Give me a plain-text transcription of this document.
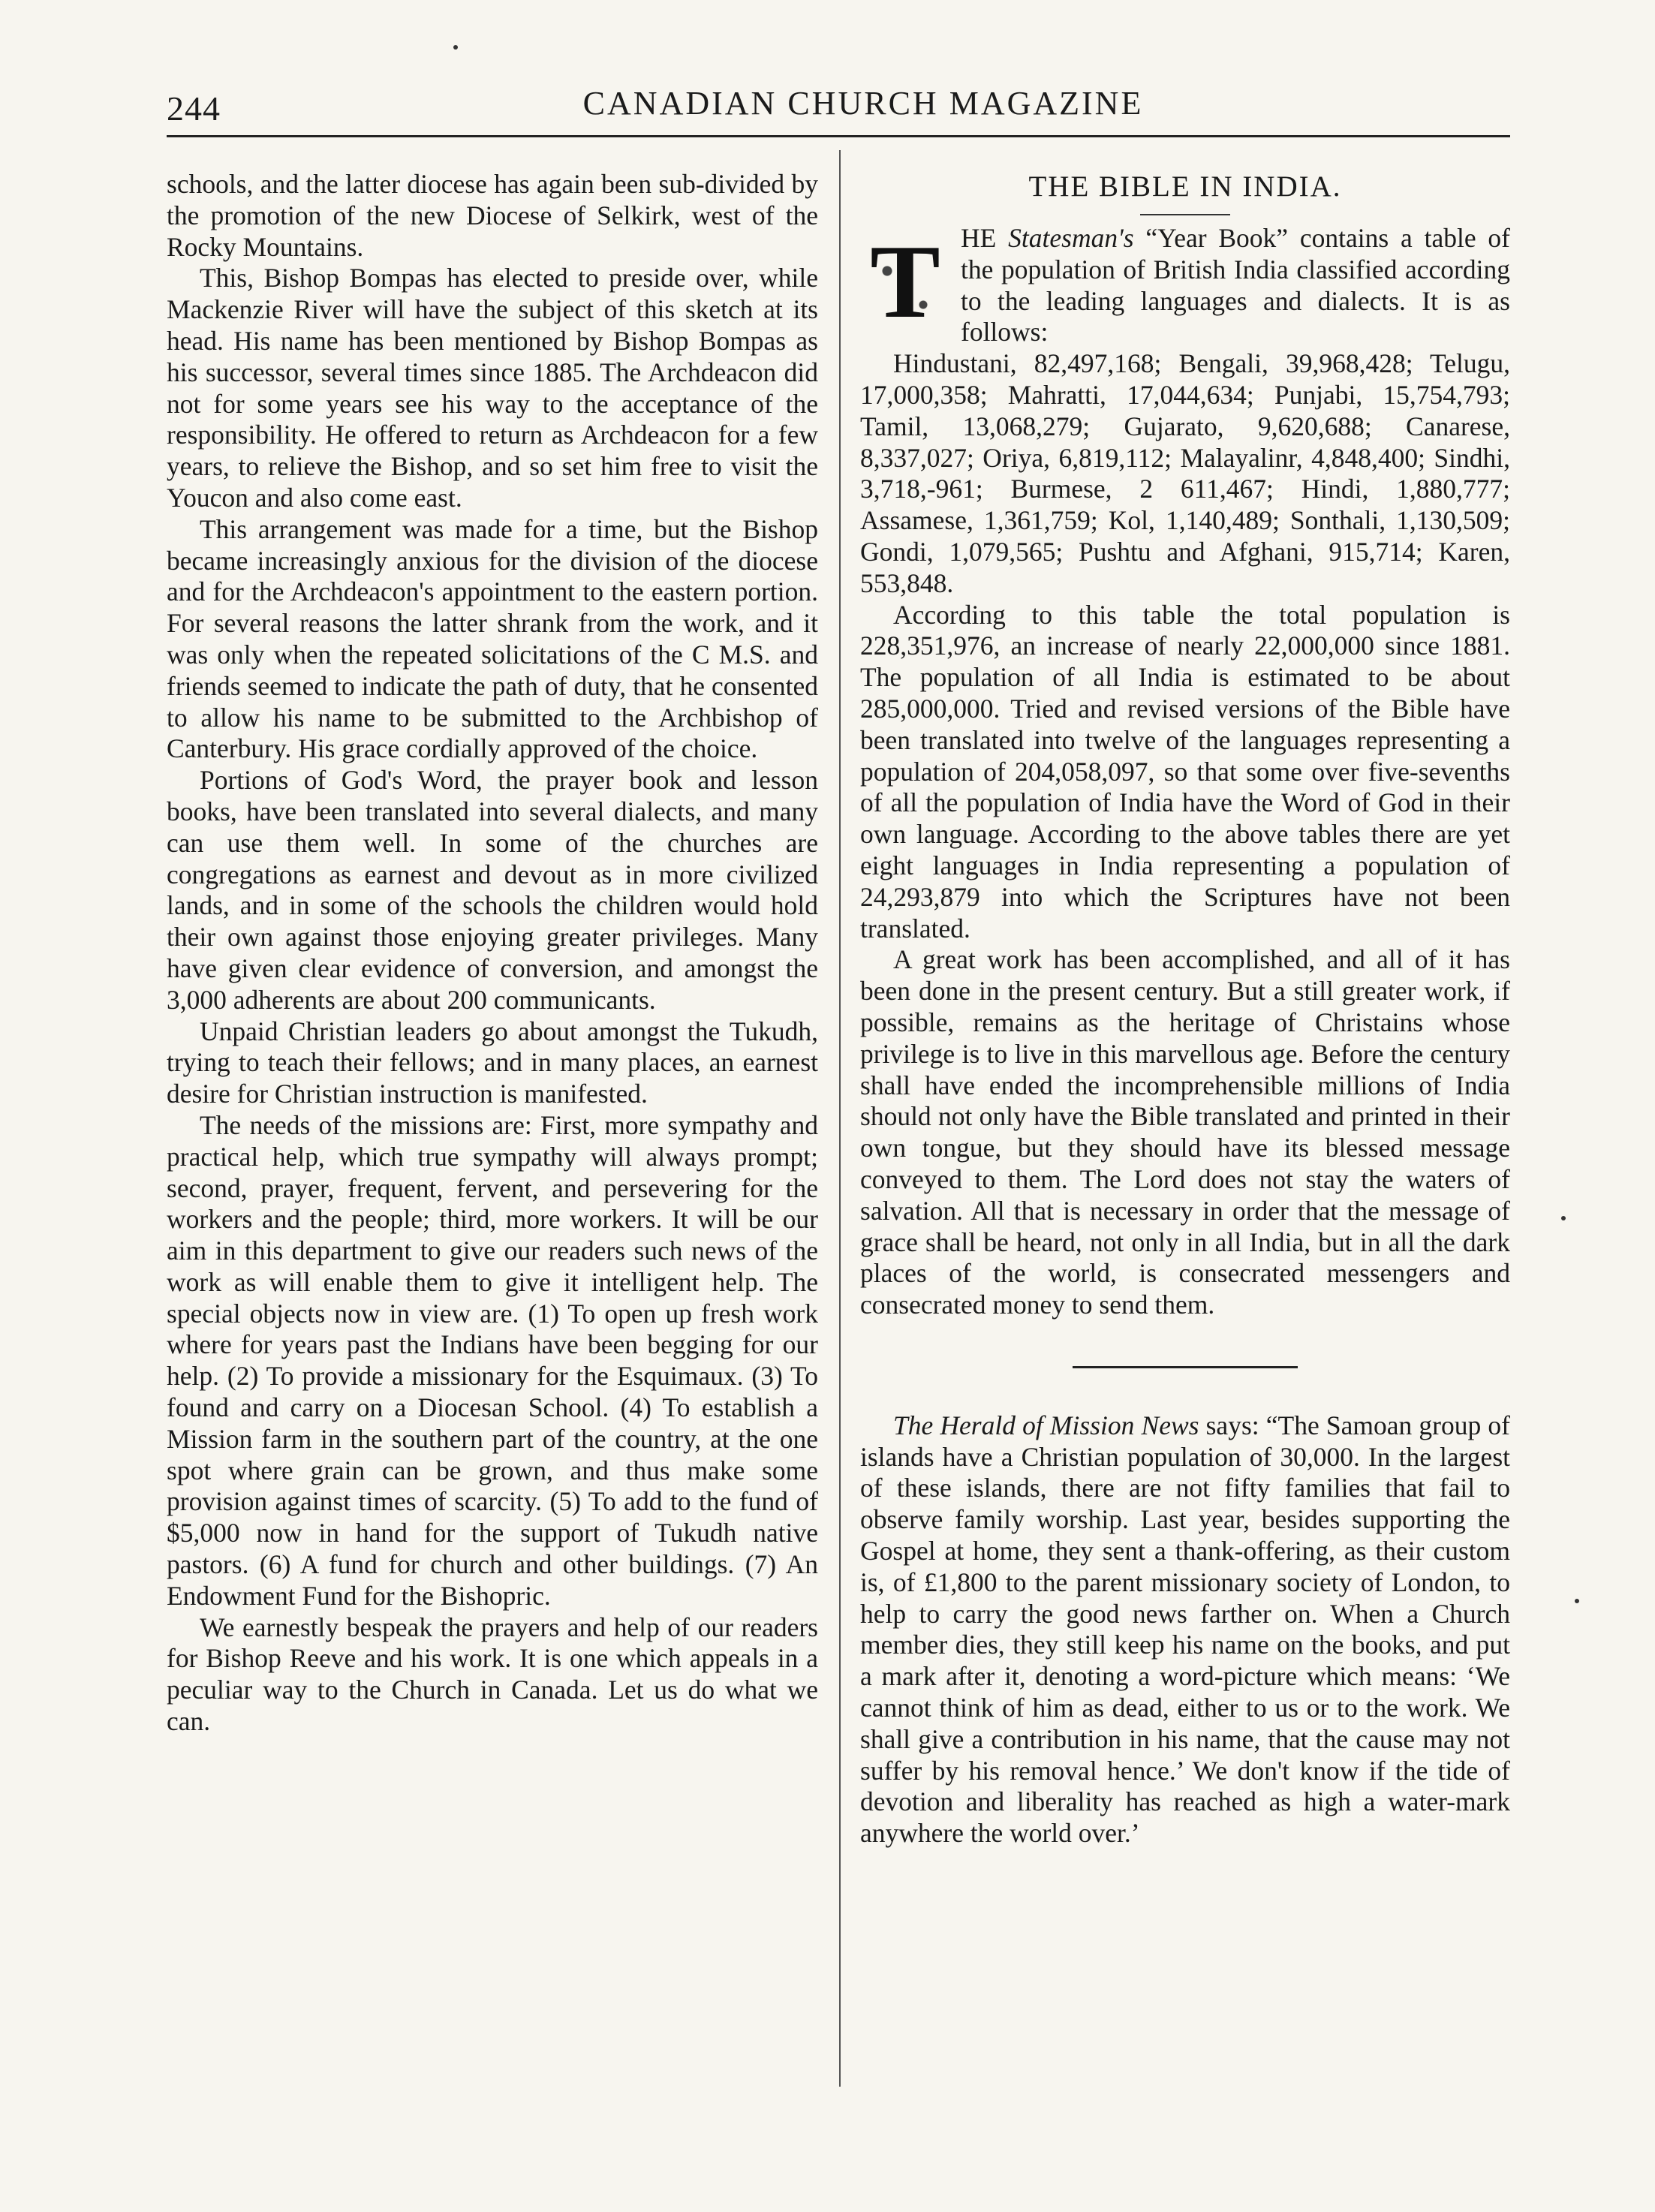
244	CANADIAN CHURCH MAGAZINE

schools, and the latter diocese has again been sub-divided by the promotion of the new Diocese of Selkirk, west of the Rocky Mountains.

This, Bishop Bompas has elected to preside over, while Mackenzie River will have the subject of this sketch at its head. His name has been mentioned by Bishop Bompas as his successor, several times since 1885. The Archdeacon did not for some years see his way to the acceptance of the responsibility. He offered to return as Archdeacon for a few years, to relieve the Bishop, and so set him free to visit the Youcon and also come east.

This arrangement was made for a time, but the Bishop became increasingly anxious for the division of the diocese and for the Archdeacon's appointment to the eastern portion. For several reasons the latter shrank from the work, and it was only when the repeated solicitations of the C M.S. and friends seemed to indicate the path of duty, that he consented to allow his name to be submitted to the Archbishop of Canterbury. His grace cordially approved of the choice.

Portions of God's Word, the prayer book and lesson books, have been translated into several dialects, and many can use them well. In some of the churches are congregations as earnest and devout as in more civilized lands, and in some of the schools the children would hold their own against those enjoying greater privileges. Many have given clear evidence of conversion, and amongst the 3,000 adherents are about 200 communicants.

Unpaid Christian leaders go about amongst the Tukudh, trying to teach their fellows; and in many places, an earnest desire for Christian instruction is manifested.

The needs of the missions are: First, more sympathy and practical help, which true sympathy will always prompt; second, prayer, frequent, fervent, and persevering for the workers and the people; third, more workers. It will be our aim in this department to give our readers such news of the work as will enable them to give it intelligent help. The special objects now in view are. (1) To open up fresh work where for years past the Indians have been begging for our help. (2) To provide a missionary for the Esquimaux. (3) To found and carry on a Diocesan School. (4) To establish a Mission farm in the southern part of the country, at the one spot where grain can be grown, and thus make some provision against times of scarcity. (5) To add to the fund of $5,000 now in hand for the support of Tukudh native pastors. (6) A fund for church and other buildings. (7) An Endowment Fund for the Bishopric.

We earnestly bespeak the prayers and help of our readers for Bishop Reeve and his work. It is one which appeals in a peculiar way to the Church in Canada. Let us do what we can.

THE BIBLE IN INDIA.

T HE Statesman's “Year Book” contains a table of the population of British India classified according to the leading languages and dialects. It is as follows:

Hindustani, 82,497,168; Bengali, 39,968,428; Telugu, 17,000,358; Mahratti, 17,044,634; Punjabi, 15,754,793; Tamil, 13,068,279; Gujarato, 9,620,688; Canarese, 8,337,027; Oriya, 6,819,112; Malayalinr, 4,848,400; Sindhi, 3,718,-961; Burmese, 2 611,467; Hindi, 1,880,777; Assamese, 1,361,759; Kol, 1,140,489; Sonthali, 1,130,509; Gondi, 1,079,565; Pushtu and Afghani, 915,714; Karen, 553,848.

According to this table the total population is 228,351,976, an increase of nearly 22,000,000 since 1881. The population of all India is estimated to be about 285,000,000. Tried and revised versions of the Bible have been translated into twelve of the languages representing a population of 204,058,097, so that some over five-sevenths of all the population of India have the Word of God in their own language. According to the above tables there are yet eight languages in India representing a population of 24,293,879 into which the Scriptures have not been translated.

A great work has been accomplished, and all of it has been done in the present century. But a still greater work, if possible, remains as the heritage of Christains whose privilege is to live in this marvellous age. Before the century shall have ended the incomprehensible millions of India should not only have the Bible translated and printed in their own tongue, but they should have its blessed message conveyed to them. The Lord does not stay the waters of salvation. All that is necessary in order that the message of grace shall be heard, not only in all India, but in all the dark places of the world, is consecrated messengers and consecrated money to send them.

The Herald of Mission News says: “The Samoan group of islands have a Christian population of 30,000. In the largest of these islands, there are not fifty families that fail to observe family worship. Last year, besides supporting the Gospel at home, they sent a thank-offering, as their custom is, of £1,800 to the parent missionary society of London, to help to carry the good news farther on. When a Church member dies, they still keep his name on the books, and put a mark after it, denoting a word-picture which means: ‘We cannot think of him as dead, either to us or to the work. We shall give a contribution in his name, that the cause may not suffer by his removal hence.’ We don't know if the tide of devotion and liberality has reached as high a water-mark anywhere the world over.’
